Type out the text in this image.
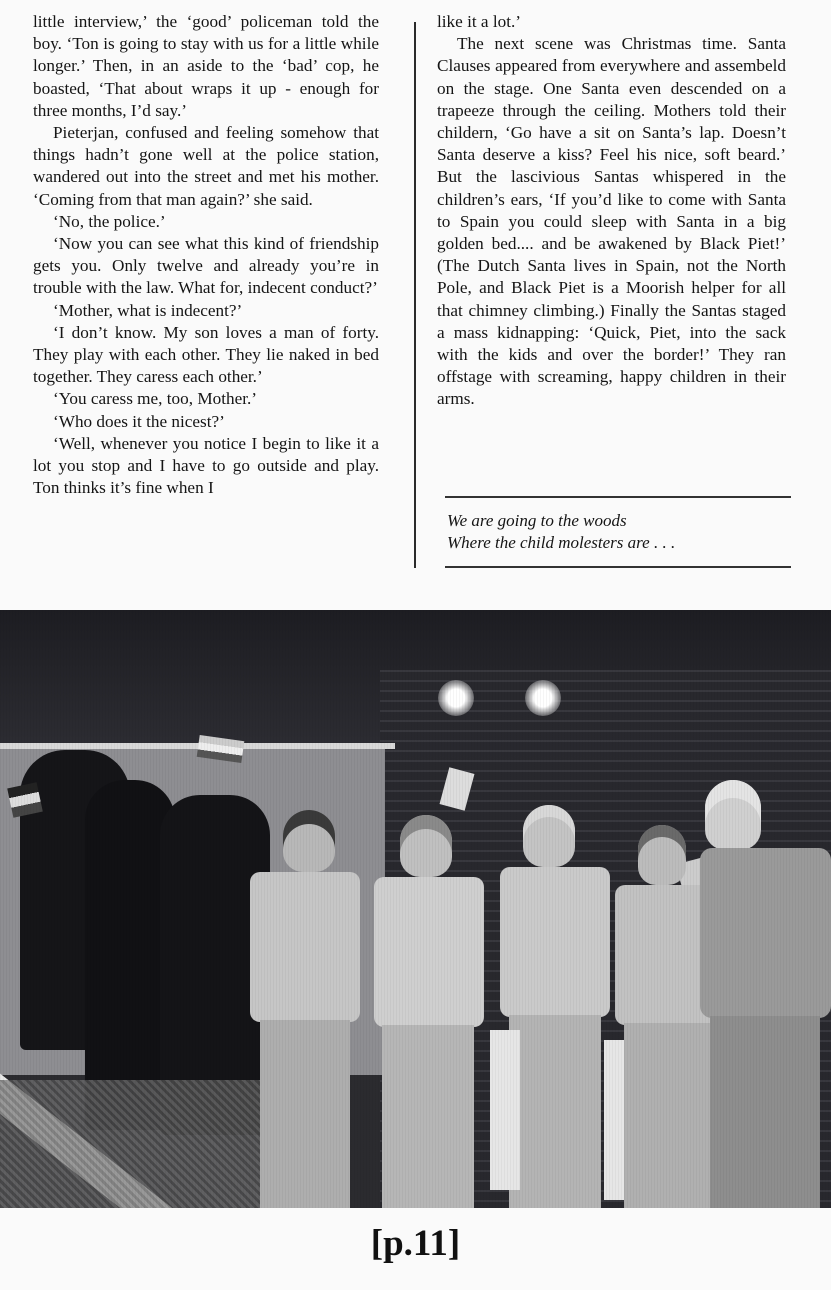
little interview,’ the ‘good’ policeman told the boy. ‘Ton is going to stay with us for a little while longer.’ Then, in an aside to the ‘bad’ cop, he boasted, ‘That about wraps it up - enough for three months, I’d say.’

Pieterjan, confused and feeling somehow that things hadn’t gone well at the police station, wandered out into the street and met his mother. ‘Coming from that man again?’ she said.

‘No, the police.’

‘Now you can see what this kind of friendship gets you. Only twelve and already you’re in trouble with the law. What for, indecent conduct?’

‘Mother, what is indecent?’

‘I don’t know. My son loves a man of forty. They play with each other. They lie naked in bed together. They caress each other.’

‘You caress me, too, Mother.’

‘Who does it the nicest?’

‘Well, whenever you notice I begin to like it a lot you stop and I have to go outside and play. Ton thinks it’s fine when I

like it a lot.’

The next scene was Christmas time. Santa Clauses appeared from everywhere and assembeld on the stage. One Santa even descended on a trapeeze through the ceiling. Mothers told their childern, ‘Go have a sit on Santa’s lap. Doesn’t Santa deserve a kiss? Feel his nice, soft beard.’ But the lascivious Santas whispered in the children’s ears, ‘If you’d like to come with Santa to Spain you could sleep with Santa in a big golden bed.... and be awakened by Black Piet!’ (The Dutch Santa lives in Spain, not the North Pole, and Black Piet is a Moorish helper for all that chimney climbing.) Finally the Santas staged a mass kidnapping: ‘Quick, Piet, into the sack with the kids and over the border!’ They ran offstage with screaming, happy children in their arms.

We are going to the woods
Where the child molesters are . . .
[p.11]
